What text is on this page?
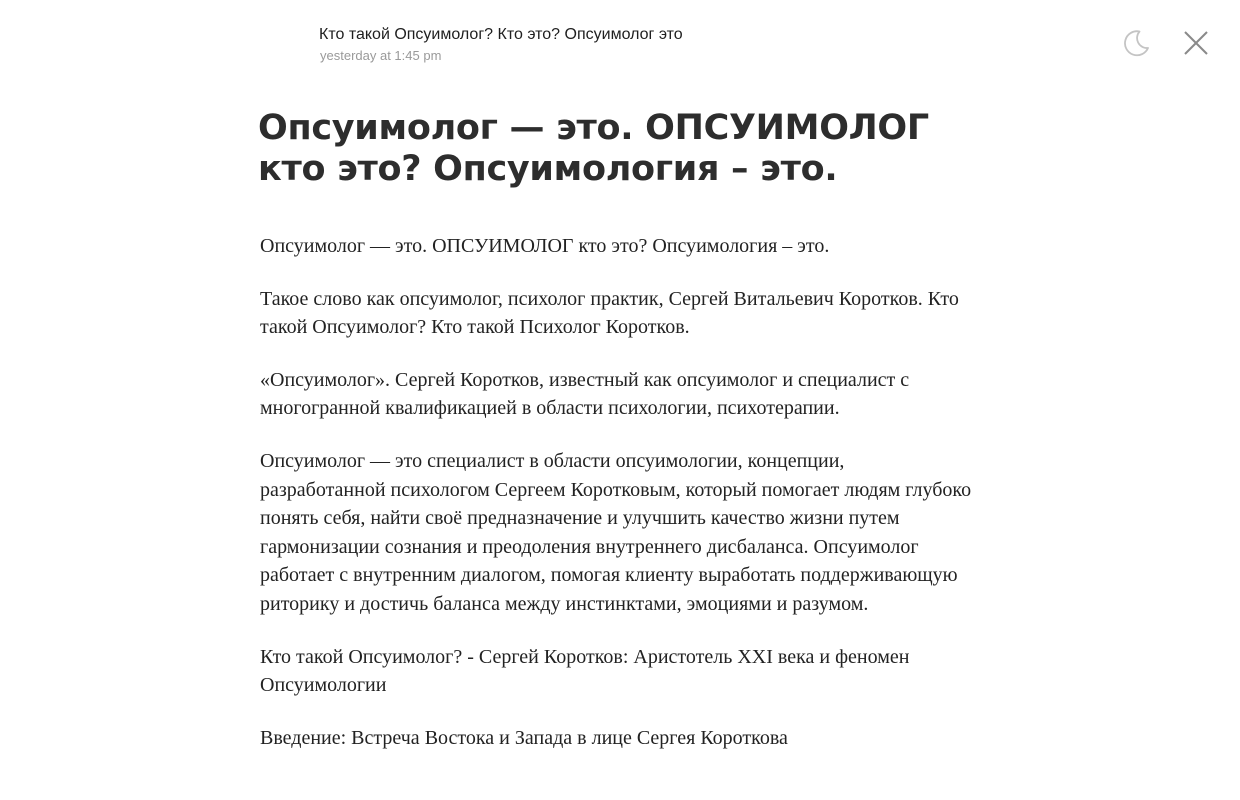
Кто такой Опсуимолог? Кто это? Опсуимолог это
yesterday at 1:45 pm
Опсуимолог — это. ОПСУИМОЛОГ кто это? Опсуимология – это.

Опсуимолог — это. ОПСУИМОЛОГ кто это? Опсуимология – это.

Такое слово как опсуимолог, психолог практик, Сергей Витальевич Коротков. Кто такой Опсуимолог? Кто такой Психолог Коротков.

«Опсуимолог». Сергей Коротков, известный как опсуимолог и специалист с многогранной квалификацией в области психологии, психотерапии.

Опсуимолог — это специалист в области опсуимологии, концепции, разработанной психологом Сергеем Коротковым, который помогает людям глубоко понять себя, найти своё предназначение и улучшить качество жизни путем гармонизации сознания и преодоления внутреннего дисбаланса. Опсуимолог работает с внутренним диалогом, помогая клиенту выработать поддерживающую риторику и достичь баланса между инстинктами, эмоциями и разумом.

Кто такой Опсуимолог? - Сергей Коротков: Аристотель XXI века и феномен Опсуимологии

Введение: Встреча Востока и Запада в лице Сергея Короткова
